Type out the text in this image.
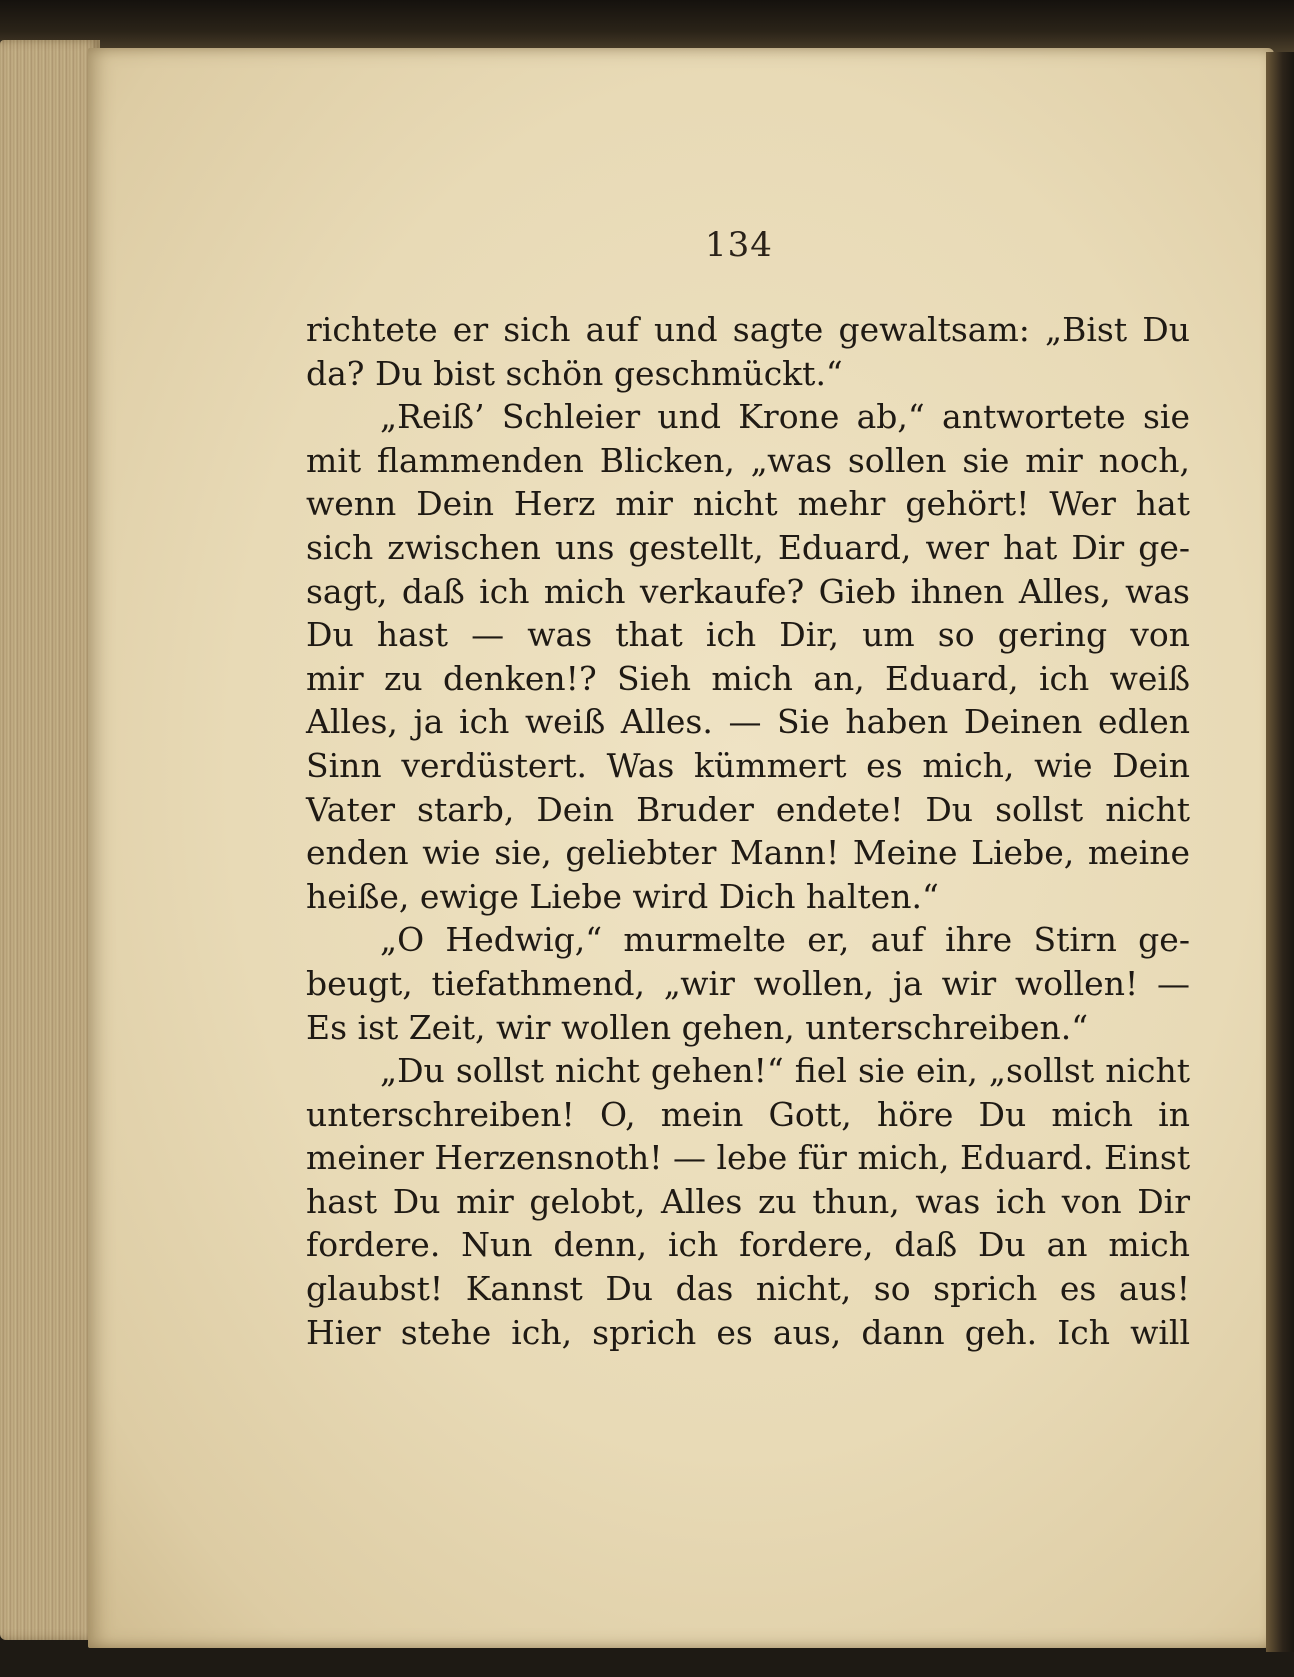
134
richtete er sich auf und sagte gewaltsam: „Bist Du
da? Du bist schön geschmückt.“
„Reiß’ Schleier und Krone ab,“ antwortete sie
mit flammenden Blicken, „was sollen sie mir noch,
wenn Dein Herz mir nicht mehr gehört! Wer hat
sich zwischen uns gestellt, Eduard, wer hat Dir ge-
sagt, daß ich mich verkaufe? Gieb ihnen Alles, was
Du hast — was that ich Dir, um so gering von
mir zu denken!? Sieh mich an, Eduard, ich weiß
Alles, ja ich weiß Alles. — Sie haben Deinen edlen
Sinn verdüstert. Was kümmert es mich, wie Dein
Vater starb, Dein Bruder endete! Du sollst nicht
enden wie sie, geliebter Mann! Meine Liebe, meine
heiße, ewige Liebe wird Dich halten.“
„O Hedwig,“ murmelte er, auf ihre Stirn ge-
beugt, tiefathmend, „wir wollen, ja wir wollen! —
Es ist Zeit, wir wollen gehen, unterschreiben.“
„Du sollst nicht gehen!“ fiel sie ein, „sollst nicht
unterschreiben! O, mein Gott, höre Du mich in
meiner Herzensnoth! — lebe für mich, Eduard. Einst
hast Du mir gelobt, Alles zu thun, was ich von Dir
fordere. Nun denn, ich fordere, daß Du an mich
glaubst! Kannst Du das nicht, so sprich es aus!
Hier stehe ich, sprich es aus, dann geh. Ich will
